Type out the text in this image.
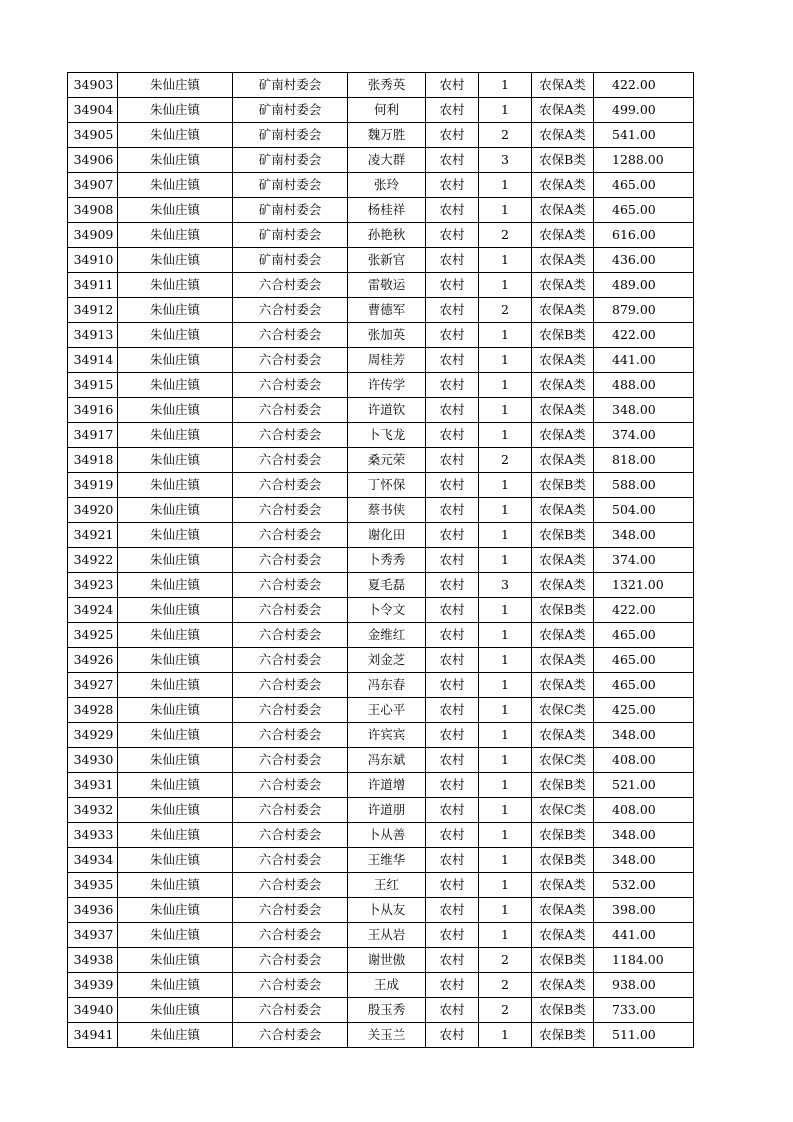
34903	朱仙庄镇	矿南村委会	张秀英	农村	1	农保A类	422.00
34904	朱仙庄镇	矿南村委会	何利	农村	1	农保A类	499.00
34905	朱仙庄镇	矿南村委会	魏万胜	农村	2	农保A类	541.00
34906	朱仙庄镇	矿南村委会	凌大群	农村	3	农保B类	1288.00
34907	朱仙庄镇	矿南村委会	张玲	农村	1	农保A类	465.00
34908	朱仙庄镇	矿南村委会	杨桂祥	农村	1	农保A类	465.00
34909	朱仙庄镇	矿南村委会	孙艳秋	农村	2	农保A类	616.00
34910	朱仙庄镇	矿南村委会	张新官	农村	1	农保A类	436.00
34911	朱仙庄镇	六合村委会	雷敬运	农村	1	农保A类	489.00
34912	朱仙庄镇	六合村委会	曹德军	农村	2	农保A类	879.00
34913	朱仙庄镇	六合村委会	张加英	农村	1	农保B类	422.00
34914	朱仙庄镇	六合村委会	周桂芳	农村	1	农保A类	441.00
34915	朱仙庄镇	六合村委会	许传学	农村	1	农保A类	488.00
34916	朱仙庄镇	六合村委会	许道钦	农村	1	农保A类	348.00
34917	朱仙庄镇	六合村委会	卜飞龙	农村	1	农保A类	374.00
34918	朱仙庄镇	六合村委会	桑元荣	农村	2	农保A类	818.00
34919	朱仙庄镇	六合村委会	丁怀保	农村	1	农保B类	588.00
34920	朱仙庄镇	六合村委会	蔡书侠	农村	1	农保A类	504.00
34921	朱仙庄镇	六合村委会	谢化田	农村	1	农保B类	348.00
34922	朱仙庄镇	六合村委会	卜秀秀	农村	1	农保A类	374.00
34923	朱仙庄镇	六合村委会	夏毛磊	农村	3	农保A类	1321.00
34924	朱仙庄镇	六合村委会	卜令文	农村	1	农保B类	422.00
34925	朱仙庄镇	六合村委会	金维红	农村	1	农保A类	465.00
34926	朱仙庄镇	六合村委会	刘金芝	农村	1	农保A类	465.00
34927	朱仙庄镇	六合村委会	冯东春	农村	1	农保A类	465.00
34928	朱仙庄镇	六合村委会	王心平	农村	1	农保C类	425.00
34929	朱仙庄镇	六合村委会	许宾宾	农村	1	农保A类	348.00
34930	朱仙庄镇	六合村委会	冯东斌	农村	1	农保C类	408.00
34931	朱仙庄镇	六合村委会	许道增	农村	1	农保B类	521.00
34932	朱仙庄镇	六合村委会	许道朋	农村	1	农保C类	408.00
34933	朱仙庄镇	六合村委会	卜从善	农村	1	农保B类	348.00
34934	朱仙庄镇	六合村委会	王维华	农村	1	农保B类	348.00
34935	朱仙庄镇	六合村委会	王红	农村	1	农保A类	532.00
34936	朱仙庄镇	六合村委会	卜从友	农村	1	农保A类	398.00
34937	朱仙庄镇	六合村委会	王从岩	农村	1	农保A类	441.00
34938	朱仙庄镇	六合村委会	谢世傲	农村	2	农保B类	1184.00
34939	朱仙庄镇	六合村委会	王成	农村	2	农保A类	938.00
34940	朱仙庄镇	六合村委会	殷玉秀	农村	2	农保B类	733.00
34941	朱仙庄镇	六合村委会	关玉兰	农村	1	农保B类	511.00
